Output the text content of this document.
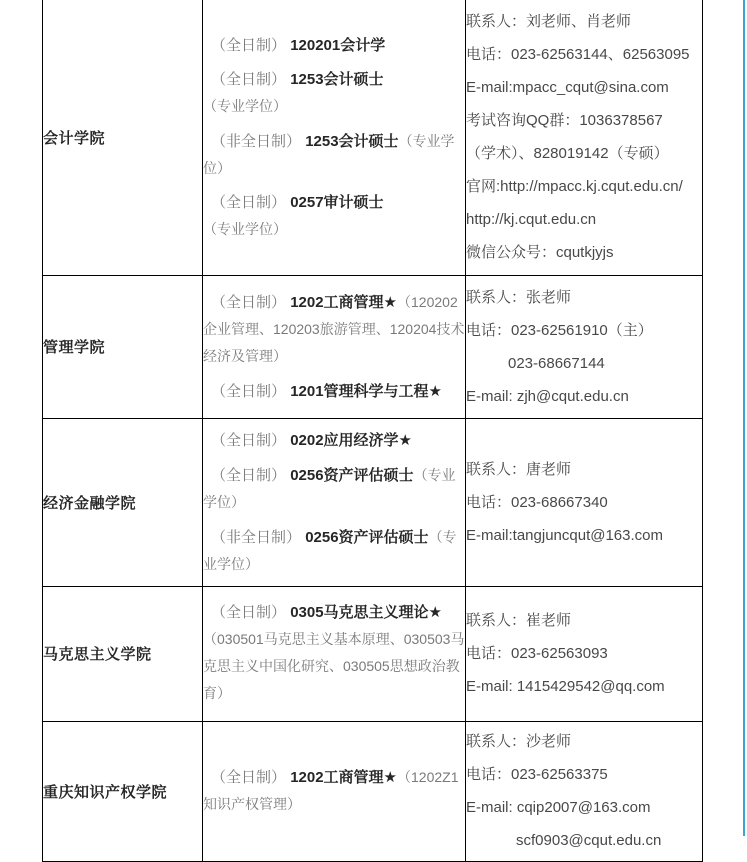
会计学院

（全日制） 120201会计学
（全日制） 1253会计硕士（专业学位）
（非全日制） 1253会计硕士（专业学位）
（全日制） 0257审计硕士（专业学位）

联系人：刘老师、肖老师
电话：023-62563144、62563095
E-mail:mpacc_cqut@sina.com
考试咨询QQ群：1036378567
（学术）、828019142（专硕）
官网:http://mpacc.kj.cqut.edu.cn/
http://kj.cqut.edu.cn
微信公众号：cqutkjyjs

管理学院

（全日制） 1202工商管理★（120202企业管理、120203旅游管理、120204技术经济及管理）
（全日制） 1201管理科学与工程★

联系人：张老师
电话：023-62561910（主）
023-68667144
E-mail: zjh@cqut.edu.cn

经济金融学院

（全日制） 0202应用经济学★
（全日制） 0256资产评估硕士（专业学位）
（非全日制） 0256资产评估硕士（专业学位）

联系人：唐老师
电话：023-68667340
E-mail:tangjuncqut@163.com

马克思主义学院	（全日制） 0305马克思主义理论★（030501马克思主义基本原理、030503马克思主义中国化研究、030505思想政治教育）	联系人：崔老师
电话：023-62563093
E-mail: 1415429542@qq.com

重庆知识产权学院	（全日制） 1202工商管理★（1202Z1知识产权管理）	联系人：沙老师
电话：023-62563375
E-mail: cqip2007@163.com
scf0903@cqut.edu.cn
